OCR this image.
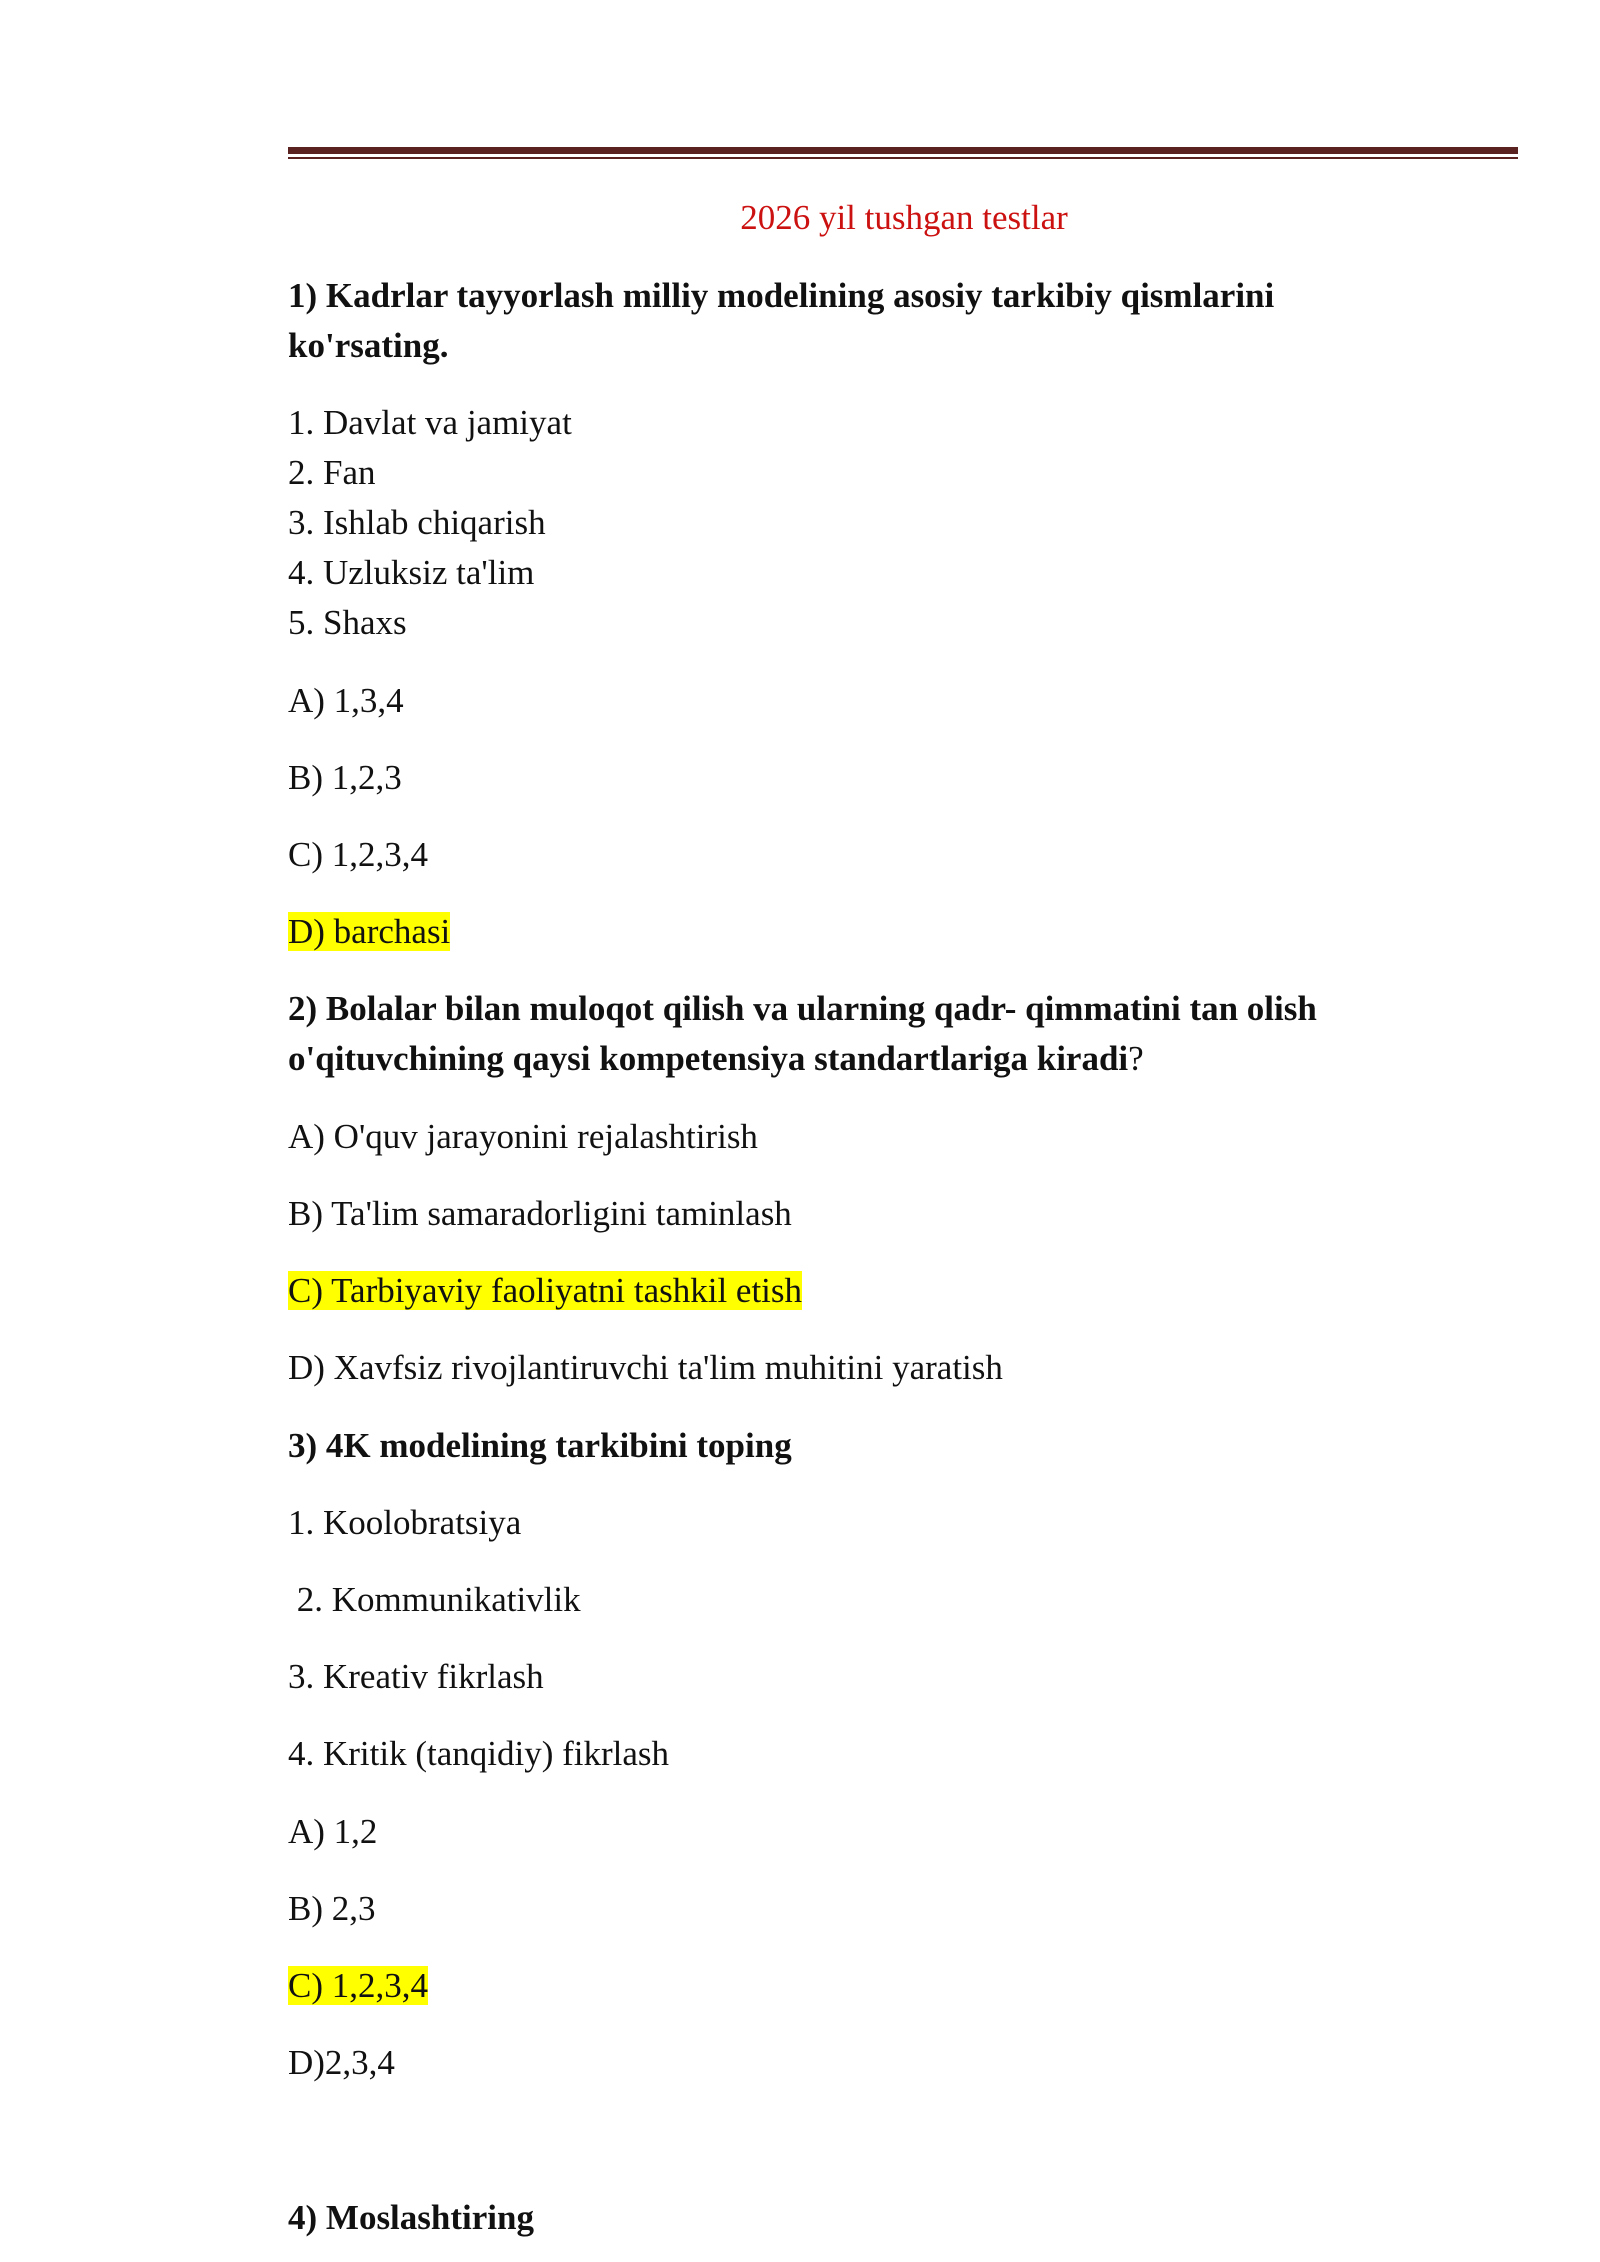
2026 yil tushgan testlar
1) Kadrlar tayyorlash milliy modelining asosiy tarkibiy qismlarini
ko'rsating.
1. Davlat va jamiyat
2. Fan
3. Ishlab chiqarish
4. Uzluksiz ta'lim
5. Shaxs
A) 1,3,4
B) 1,2,3
C) 1,2,3,4
D) barchasi
2) Bolalar bilan muloqot qilish va ularning qadr- qimmatini tan olish
o'qituvchining qaysi kompetensiya standartlariga kiradi?
A) O'quv jarayonini rejalashtirish
B) Ta'lim samaradorligini taminlash
C) Tarbiyaviy faoliyatni tashkil etish
D) Xavfsiz rivojlantiruvchi ta'lim muhitini yaratish
3) 4K modelining tarkibini toping
1. Koolobratsiya
2. Kommunikativlik
3. Kreativ fikrlash
4. Kritik (tanqidiy) fikrlash
A) 1,2
B) 2,3
C) 1,2,3,4
D)2,3,4
4) Moslashtiring
